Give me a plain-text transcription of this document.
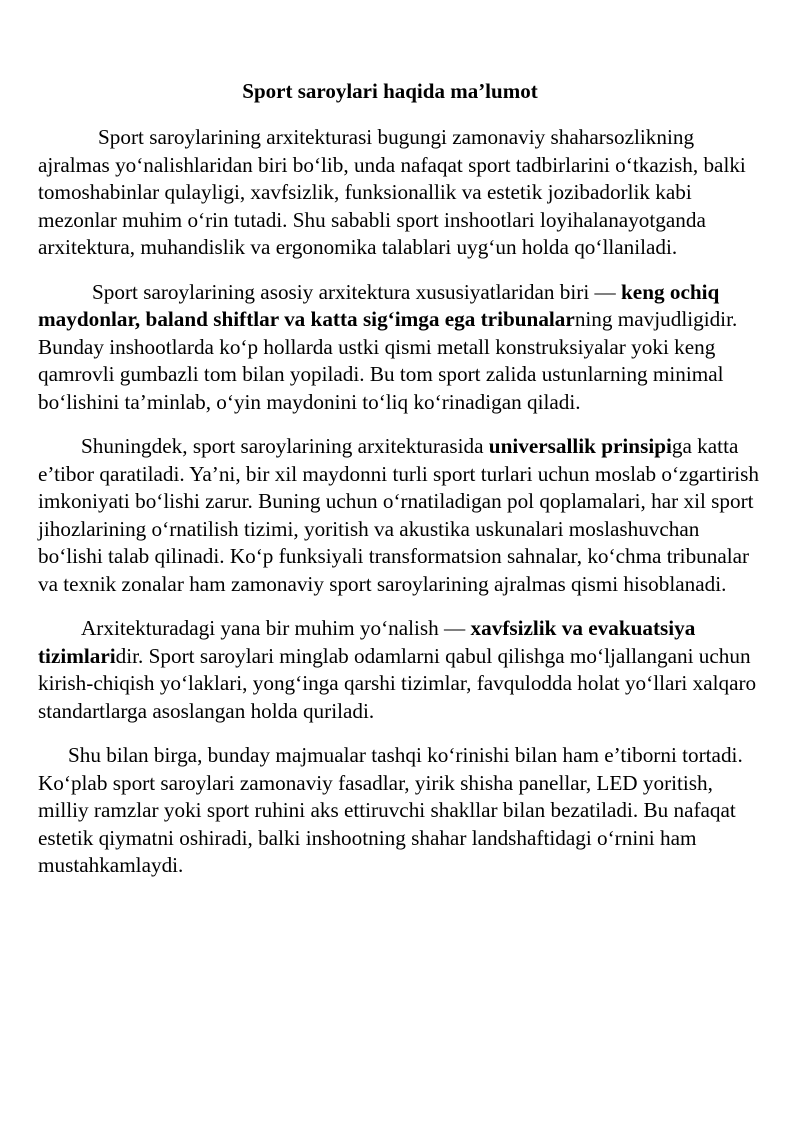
Sport saroylari haqida ma’lumot

Sport saroylarining arxitekturasi bugungi zamonaviy shaharsozlikning ajralmas yo‘nalishlaridan biri bo‘lib, unda nafaqat sport tadbirlarini o‘tkazish, balki tomoshabinlar qulayligi, xavfsizlik, funksionallik va estetik jozibadorlik kabi mezonlar muhim o‘rin tutadi. Shu sababli sport inshootlari loyihalanayotganda arxitektura, muhandislik va ergonomika talablari uyg‘un holda qo‘llaniladi.

Sport saroylarining asosiy arxitektura xususiyatlaridan biri — keng ochiq maydonlar, baland shiftlar va katta sig‘imga ega tribunalarning mavjudligidir. Bunday inshootlarda ko‘p hollarda ustki qismi metall konstruksiyalar yoki keng qamrovli gumbazli tom bilan yopiladi. Bu tom sport zalida ustunlarning minimal bo‘lishini ta’minlab, o‘yin maydonini to‘liq ko‘rinadigan qiladi.

Shuningdek, sport saroylarining arxitekturasida universallik prinsipiga katta e’tibor qaratiladi. Ya’ni, bir xil maydonni turli sport turlari uchun moslab o‘zgartirish imkoniyati bo‘lishi zarur. Buning uchun o‘rnatiladigan pol qoplamalari, har xil sport jihozlarining o‘rnatilish tizimi, yoritish va akustika uskunalari moslashuvchan bo‘lishi talab qilinadi. Ko‘p funksiyali transformatsion sahnalar, ko‘chma tribunalar va texnik zonalar ham zamonaviy sport saroylarining ajralmas qismi hisoblanadi.

Arxitekturadagi yana bir muhim yo‘nalish — xavfsizlik va evakuatsiya tizimlaridir. Sport saroylari minglab odamlarni qabul qilishga mo‘ljallangani uchun kirish-chiqish yo‘laklari, yong‘inga qarshi tizimlar, favqulodda holat yo‘llari xalqaro standartlarga asoslangan holda quriladi.

Shu bilan birga, bunday majmualar tashqi ko‘rinishi bilan ham e’tiborni tortadi. Ko‘plab sport saroylari zamonaviy fasadlar, yirik shisha panellar, LED yoritish, milliy ramzlar yoki sport ruhini aks ettiruvchi shakllar bilan bezatiladi. Bu nafaqat estetik qiymatni oshiradi, balki inshootning shahar landshaftidagi o‘rnini ham mustahkamlaydi.
